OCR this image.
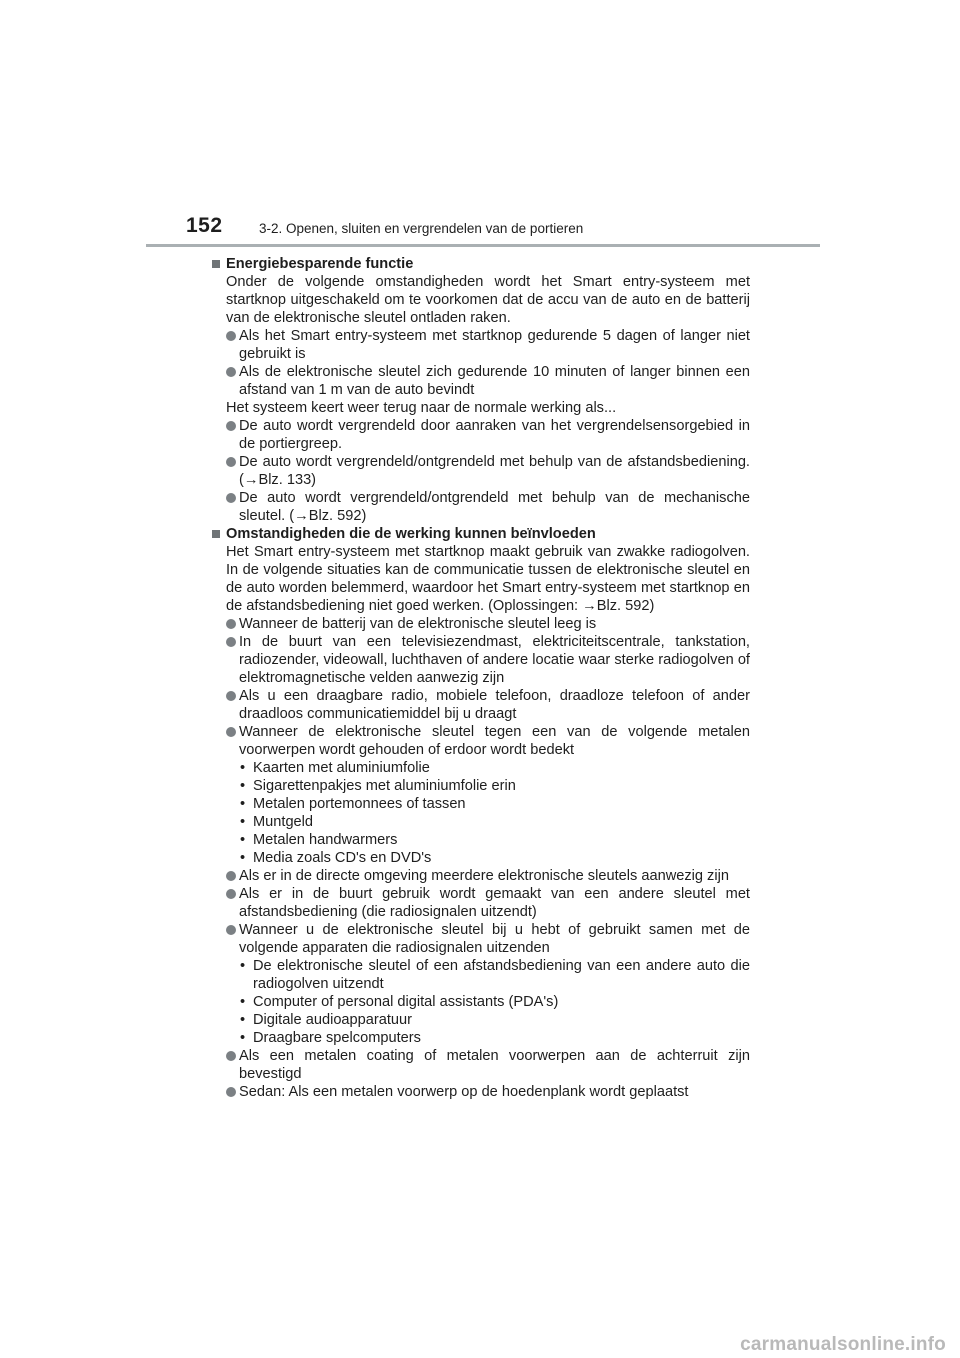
152	3-2. Openen, sluiten en vergrendelen van de portieren

Energiebesparende functie

Onder de volgende omstandigheden wordt het Smart entry-systeem met startknop uitgeschakeld om te voorkomen dat de accu van de auto en de batterij van de elektronische sleutel ontladen raken.

Als het Smart entry-systeem met startknop gedurende 5 dagen of langer niet gebruikt is

Als de elektronische sleutel zich gedurende 10 minuten of langer binnen een afstand van 1 m van de auto bevindt

Het systeem keert weer terug naar de normale werking als...

De auto wordt vergrendeld door aanraken van het vergrendelsensorgebied in de portiergreep.

De auto wordt vergrendeld/ontgrendeld met behulp van de afstandsbediening. (→Blz. 133)

De auto wordt vergrendeld/ontgrendeld met behulp van de mechanische sleutel. (→Blz. 592)

Omstandigheden die de werking kunnen beïnvloeden

Het Smart entry-systeem met startknop maakt gebruik van zwakke radiogolven. In de volgende situaties kan de communicatie tussen de elektronische sleutel en de auto worden belemmerd, waardoor het Smart entry-systeem met startknop en de afstandsbediening niet goed werken. (Oplossingen: →Blz. 592)

Wanneer de batterij van de elektronische sleutel leeg is

In de buurt van een televisiezendmast, elektriciteitscentrale, tankstation, radiozender, videowall, luchthaven of andere locatie waar sterke radiogolven of elektromagnetische velden aanwezig zijn

Als u een draagbare radio, mobiele telefoon, draadloze telefoon of ander draadloos communicatiemiddel bij u draagt

Wanneer de elektronische sleutel tegen een van de volgende metalen voorwerpen wordt gehouden of erdoor wordt bedekt

• Kaarten met aluminiumfolie

• Sigarettenpakjes met aluminiumfolie erin

• Metalen portemonnees of tassen

• Muntgeld

• Metalen handwarmers

• Media zoals CD's en DVD's

Als er in de directe omgeving meerdere elektronische sleutels aanwezig zijn

Als er in de buurt gebruik wordt gemaakt van een andere sleutel met afstandsbediening (die radiosignalen uitzendt)

Wanneer u de elektronische sleutel bij u hebt of gebruikt samen met de volgende apparaten die radiosignalen uitzenden

• De elektronische sleutel of een afstandsbediening van een andere auto die radiogolven uitzendt

• Computer of personal digital assistants (PDA's)

• Digitale audioapparatuur

• Draagbare spelcomputers

Als een metalen coating of metalen voorwerpen aan de achterruit zijn bevestigd

Sedan: Als een metalen voorwerp op de hoedenplank wordt geplaatst

carmanualsonline.info
